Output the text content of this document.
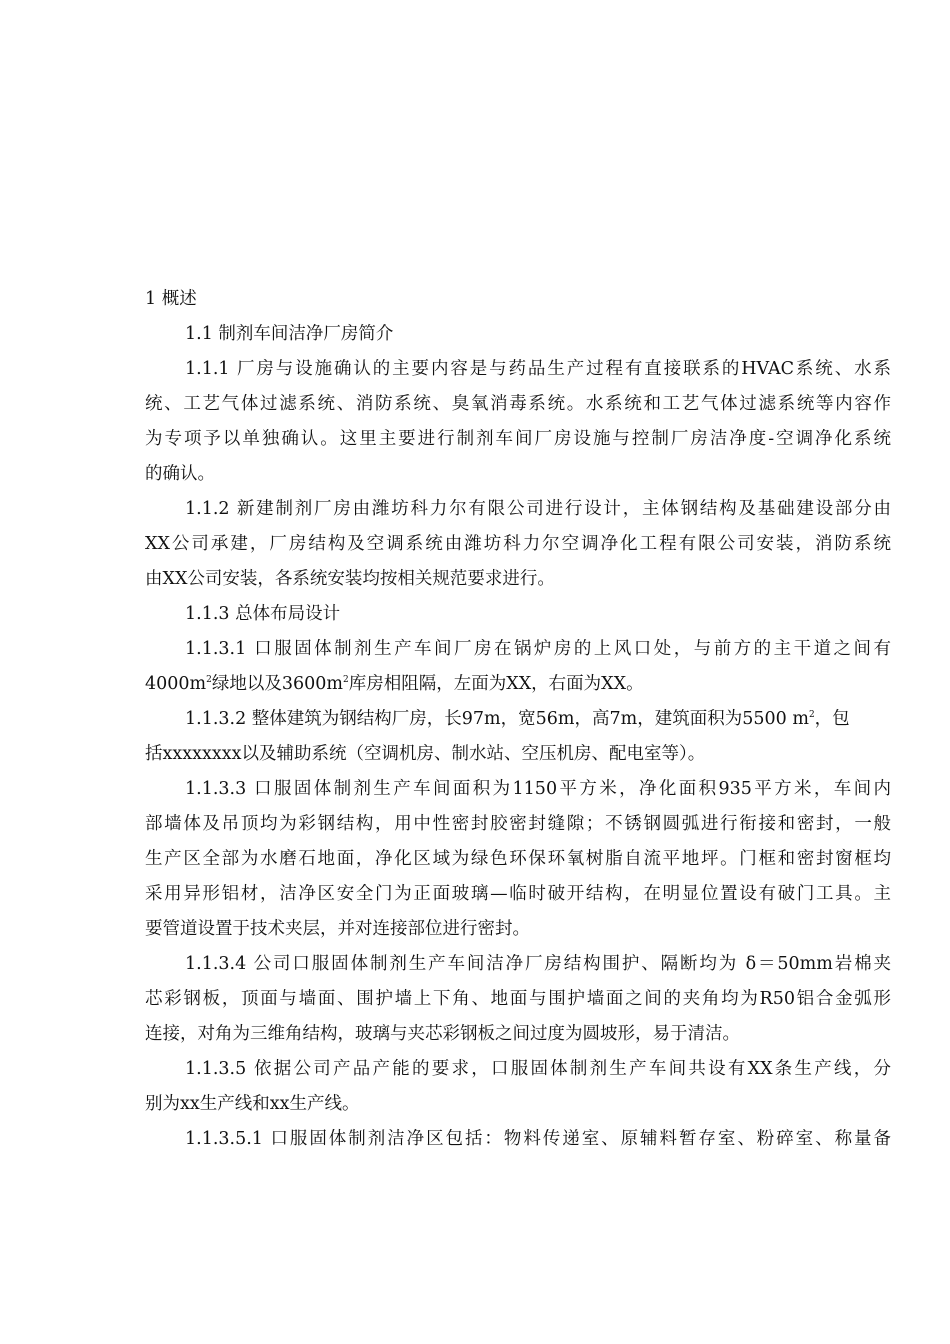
1 概述
1.1 制剂车间洁净厂房简介
1.1.1 厂房与设施确认的主要内容是与药品生产过程有直接联系的HVAC系统、水系
统、工艺气体过滤系统、消防系统、臭氧消毒系统。水系统和工艺气体过滤系统等内容作
为专项予以单独确认。这里主要进行制剂车间厂房设施与控制厂房洁净度-空调净化系统
的确认。
1.1.2 新建制剂厂房由潍坊科力尔有限公司进行设计，主体钢结构及基础建设部分由
XX公司承建，厂房结构及空调系统由潍坊科力尔空调净化工程有限公司安装，消防系统
由XX公司安装，各系统安装均按相关规范要求进行。
1.1.3 总体布局设计
1.1.3.1 口服固体制剂生产车间厂房在锅炉房的上风口处，与前方的主干道之间有
$4000m^2$绿地以及$3600m^2$库房相阻隔，左面为XX，右面为XX。
1.1.3.2 整体建筑为钢结构厂房，长97m，宽56m，高7m，建筑面积为5500 $m^2$，包
括xxxxxxxx以及辅助系统（空调机房、制水站、空压机房、配电室等）。
1.1.3.3 口服固体制剂生产车间面积为1150平方米，净化面积935平方米，车间内
部墙体及吊顶均为彩钢结构，用中性密封胶密封缝隙；不锈钢圆弧进行衔接和密封，一般
生产区全部为水磨石地面，净化区域为绿色环保环氧树脂自流平地坪。门框和密封窗框均
采用异形铝材，洁净区安全门为正面玻璃—临时破开结构，在明显位置设有破门工具。主
要管道设置于技术夹层，并对连接部位进行密封。
1.1.3.4 公司口服固体制剂生产车间洁净厂房结构围护、隔断均为 δ＝50mm岩棉夹
芯彩钢板，顶面与墙面、围护墙上下角、地面与围护墙面之间的夹角均为R50铝合金弧形
连接，对角为三维角结构，玻璃与夹芯彩钢板之间过度为圆坡形，易于清洁。
1.1.3.5 依据公司产品产能的要求，口服固体制剂生产车间共设有XX条生产线，分
别为xx生产线和xx生产线。
1.1.3.5.1 口服固体制剂洁净区包括：物料传递室、原辅料暂存室、粉碎室、称量备
